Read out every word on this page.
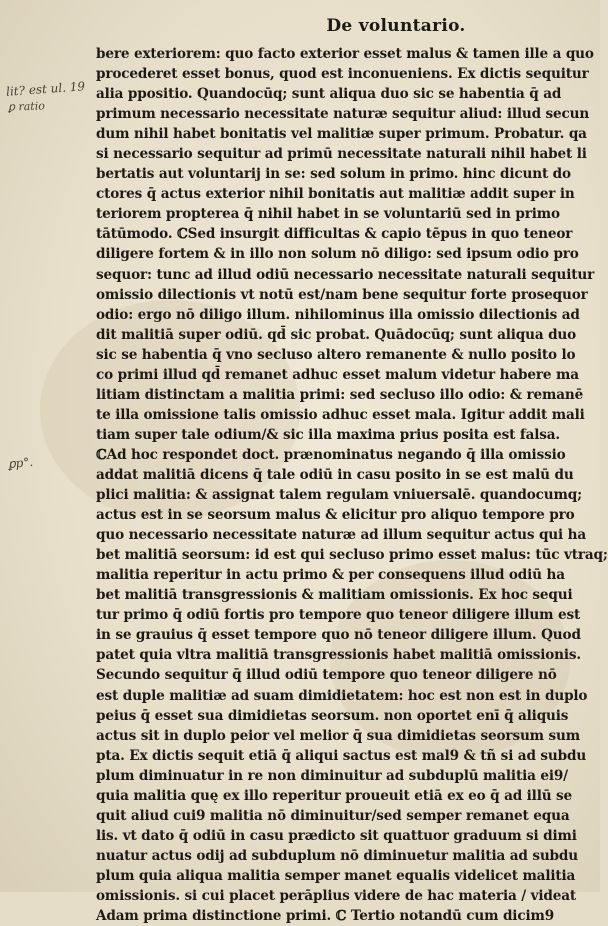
De voluntario.
lit? est ul. 19
ꝑ ratio
ꝑp°.
bere exteriorem: quo facto exterior esset malus & tamen ille a quo
procederet esset bonus, quod est inconueniens. Ex dictis sequitur
alia ppositio. Quandocūq; sunt aliqua duo sic se habentia q̄ ad
primum necessario necessitate naturæ sequitur aliud: illud secun
dum nihil habet bonitatis vel malitiæ super primum. Probatur. qa
si necessario sequitur ad primū necessitate naturali nihil habet li
bertatis aut voluntarij in se: sed solum in primo. hinc dicunt do
ctores q̄ actus exterior nihil bonitatis aut malitiæ addit super in
teriorem propterea q̄ nihil habet in se voluntariū sed in primo
tātūmodo. ℂSed insurgit difficultas & capio tēpus in quo teneor
diligere fortem & in illo non solum nō diligo: sed ipsum odio pro
sequor: tunc ad illud odiū necessario necessitate naturali sequitur
omissio dilectionis vt notū est/nam bene sequitur forte prosequor
odio: ergo nō diligo illum. nihilominus illa omissio dilectionis ad
dit malitiā super odiū. qd̄ sic probat. Quādocūq; sunt aliqua duo
sic se habentia q̄ vno secluso altero remanente & nullo posito lo
co primi illud qd̄ remanet adhuc esset malum videtur habere ma
litiam distinctam a malitia primi: sed secluso illo odio: & remanē
te illa omissione talis omissio adhuc esset mala. Igitur addit mali
tiam super tale odium/& sic illa maxima prius posita est falsa.
ℂAd hoc respondet doct. prænominatus negando q̄ illa omissio
addat malitiā dicens q̄ tale odiū in casu posito in se est malū du
plici malitia: & assignat talem regulam vniuersalē. quandocumq;
actus est in se seorsum malus & elicitur pro aliquo tempore pro
quo necessario necessitate naturæ ad illum sequitur actus qui ha
bet malitiā seorsum: id est qui secluso primo esset malus: tūc vtraq;
malitia reperitur in actu primo & per consequens illud odiū ha
bet malitiā transgressionis & malitiam omissionis. Ex hoc sequi
tur primo q̄ odiū fortis pro tempore quo teneor diligere illum est
in se grauius q̄ esset tempore quo nō teneor diligere illum. Quod
patet quia vltra malitiā transgressionis habet malitiā omissionis.
Secundo sequitur q̄ illud odiū tempore quo teneor diligere nō
est duple malitiæ ad suam dimidietatem: hoc est non est in duplo
peius q̄ esset sua dimidietas seorsum. non oportet enī q̄ aliquis
actus sit in duplo peior vel melior q̄ sua dimidietas seorsum sum
pta. Ex dictis sequit etiā q̄ aliqui sactus est mal9 & tñ si ad subdu
plum diminuatur in re non diminuitur ad subduplū malitia ei9/
quia malitia quę ex illo reperitur proueuit etiā ex eo q̄ ad illū se
quit aliud cui9 malitia nō diminuitur/sed semper remanet equa
lis. vt dato q̄ odiū in casu prædicto sit quattuor graduum si dimi
nuatur actus odij ad subduplum nō diminuetur malitia ad subdu
plum quia aliqua malitia semper manet equalis videlicet malitia
omissionis. si cui placet perāplius videre de hac materia / videat
Adam prima distinctione primi. ℂ Tertio notandū cum dicim9
